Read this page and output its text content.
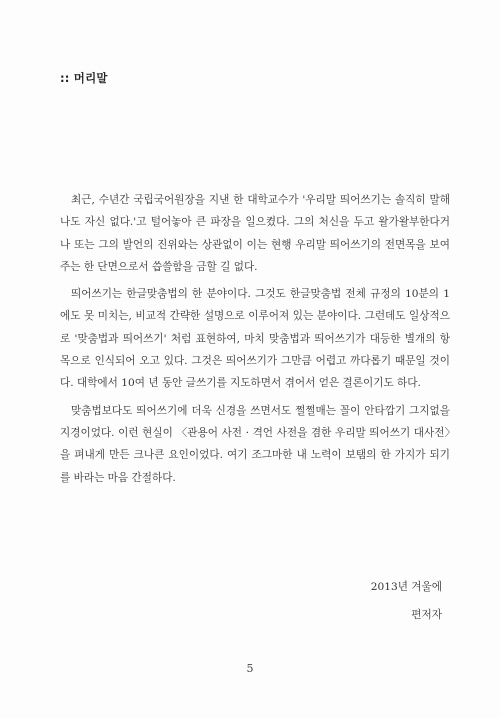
:: 머리말

최근, 수년간 국립국어원장을 지낸 한 대학교수가 '우리말 띄어쓰기는 솔직히 말해 나도 자신 없다.'고 털어놓아 큰 파장을 일으켰다. 그의 처신을 두고 왈가왈부한다거나 또는 그의 발언의 진위와는 상관없이 이는 현행 우리말 띄어쓰기의 전면목을 보여 주는 한 단면으로서 씁쓸함을 금할 길 없다.

띄어쓰기는 한글맞춤법의 한 분야이다. 그것도 한글맞춤법 전체 규정의 10분의 1에도 못 미치는, 비교적 간략한 설명으로 이루어져 있는 분야이다. 그런데도 일상적으로 '맞춤법과 띄어쓰기' 처럼 표현하여, 마치 맞춤법과 띄어쓰기가 대등한 별개의 항목으로 인식되어 오고 있다. 그것은 띄어쓰기가 그만큼 어렵고 까다롭기 때문일 것이다. 대학에서 10여 년 동안 글쓰기를 지도하면서 겪어서 얻은 결론이기도 하다.

맞춤법보다도 띄어쓰기에 더욱 신경을 쓰면서도 쩔쩔매는 꼴이 안타깝기 그지없을 지경이었다. 이런 현실이 〈관용어 사전 · 격언 사전을 겸한 우리말 띄어쓰기 대사전〉을 펴내게 만든 크나큰 요인이었다. 여기 조그마한 내 노력이 보탬의 한 가지가 되기를 바라는 마음 간절하다.

2013년 겨울에
편저자
5
